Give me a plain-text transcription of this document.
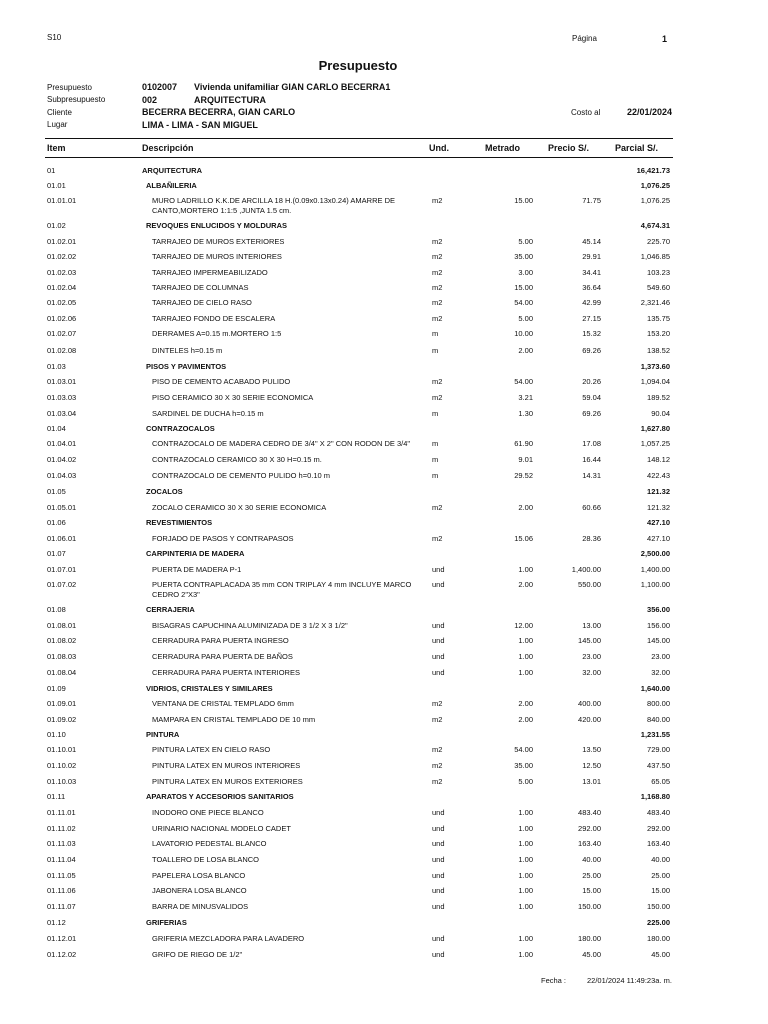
S10	Página	1
Presupuesto
Presupuesto	0102007 Vivienda unifamiliar GIAN CARLO BECERRA1
Subpresupuesto	002	ARQUITECTURA
Cliente	BECERRA BECERRA, GIAN CARLO	Costo al	22/01/2024
Lugar	LIMA - LIMA - SAN MIGUEL
Item	Descripción	Und.	Metrado	Precio S/.	Parcial S/.
01	ARQUITECTURA	16,421.73
01.01	ALBAÑILERIA	1,076.25
01.01.01	MURO LADRILLO K.K.DE ARCILLA 18 H.(0.09x0.13x0.24) AMARRE DE CANTO,MORTERO 1:1:5 ,JUNTA 1.5 cm.
m2	15.00	71.75	1,076.25
01.02	REVOQUES ENLUCIDOS Y MOLDURAS	4,674.31
01.02.01	TARRAJEO DE MUROS EXTERIORES	m2	5.00	45.14	225.70
01.02.02	TARRAJEO DE MUROS INTERIORES	m2	35.00	29.91	1,046.85
01.02.03	TARRAJEO IMPERMEABILIZADO	m2	3.00	34.41	103.23
01.02.04	TARRAJEO DE COLUMNAS	m2	15.00	36.64	549.60
01.02.05	TARRAJEO DE CIELO RASO	m2	54.00	42.99	2,321.46
01.02.06	TARRAJEO FONDO DE ESCALERA	m2	5.00	27.15	135.75
01.02.07	DERRAMES A=0.15 m.MORTERO 1:5	m	10.00	15.32	153.20
01.02.08	DINTELES h=0.15 m	m	2.00	69.26	138.52
01.03	PISOS Y PAVIMENTOS	1,373.60
01.03.01	PISO DE CEMENTO ACABADO PULIDO	m2	54.00	20.26	1,094.04
01.03.03	PISO CERAMICO 30 X 30 SERIE ECONOMICA	m2	3.21	59.04	189.52
01.03.04	SARDINEL DE DUCHA h=0.15 m	m	1.30	69.26	90.04
01.04	CONTRAZOCALOS	1,627.80
01.04.01	CONTRAZOCALO DE MADERA CEDRO DE 3/4" X 2" CON RODON DE 3/4"	m	61.90	17.08	1,057.25
01.04.02	CONTRAZOCALO CERAMICO 30 X 30 H=0.15 m.	m	9.01	16.44	148.12
01.04.03	CONTRAZOCALO DE CEMENTO PULIDO h=0.10 m	m	29.52	14.31	422.43
01.05	ZOCALOS	121.32
01.05.01	ZOCALO CERAMICO 30 X 30 SERIE ECONOMICA	m2	2.00	60.66	121.32
01.06	REVESTIMIENTOS	427.10
01.06.01	FORJADO DE PASOS Y CONTRAPASOS	m2	15.06	28.36	427.10
01.07	CARPINTERIA DE MADERA	2,500.00
01.07.01	PUERTA DE MADERA P-1	und	1.00	1,400.00	1,400.00
01.07.02	PUERTA CONTRAPLACADA 35 mm CON TRIPLAY 4 mm INCLUYE MARCO CEDRO 2"X3"
und	2.00	550.00	1,100.00
01.08	CERRAJERIA	356.00
01.08.01	BISAGRAS CAPUCHINA ALUMINIZADA DE 3 1/2 X 3 1/2"	und	12.00	13.00	156.00
01.08.02	CERRADURA PARA PUERTA INGRESO	und	1.00	145.00	145.00
01.08.03	CERRADURA PARA PUERTA DE BAÑOS	und	1.00	23.00	23.00
01.08.04	CERRADURA PARA PUERTA INTERIORES	und	1.00	32.00	32.00
01.09	VIDRIOS, CRISTALES Y SIMILARES	1,640.00
01.09.01	VENTANA DE CRISTAL TEMPLADO 6mm	m2	2.00	400.00	800.00
01.09.02	MAMPARA EN CRISTAL TEMPLADO DE 10 mm	m2	2.00	420.00	840.00
01.10	PINTURA	1,231.55
01.10.01	PINTURA LATEX EN CIELO RASO	m2	54.00	13.50	729.00
01.10.02	PINTURA LATEX EN MUROS INTERIORES	m2	35.00	12.50	437.50
01.10.03	PINTURA LATEX EN MUROS EXTERIORES	m2	5.00	13.01	65.05
01.11	APARATOS Y ACCESORIOS SANITARIOS	1,168.80
01.11.01	INODORO ONE PIECE BLANCO	und	1.00	483.40	483.40
01.11.02	URINARIO NACIONAL MODELO CADET	und	1.00	292.00	292.00
01.11.03	LAVATORIO PEDESTAL BLANCO	und	1.00	163.40	163.40
01.11.04	TOALLERO DE LOSA BLANCO	und	1.00	40.00	40.00
01.11.05	PAPELERA LOSA BLANCO	und	1.00	25.00	25.00
01.11.06	JABONERA LOSA BLANCO	und	1.00	15.00	15.00
01.11.07	BARRA DE MINUSVALIDOS	und	1.00	150.00	150.00
01.12	GRIFERIAS	225.00
01.12.01	GRIFERIA MEZCLADORA PARA LAVADERO	und	1.00	180.00	180.00
01.12.02	GRIFO DE RIEGO DE 1/2"	und	1.00	45.00	45.00
Fecha :	22/01/2024 11:49:23a. m.
